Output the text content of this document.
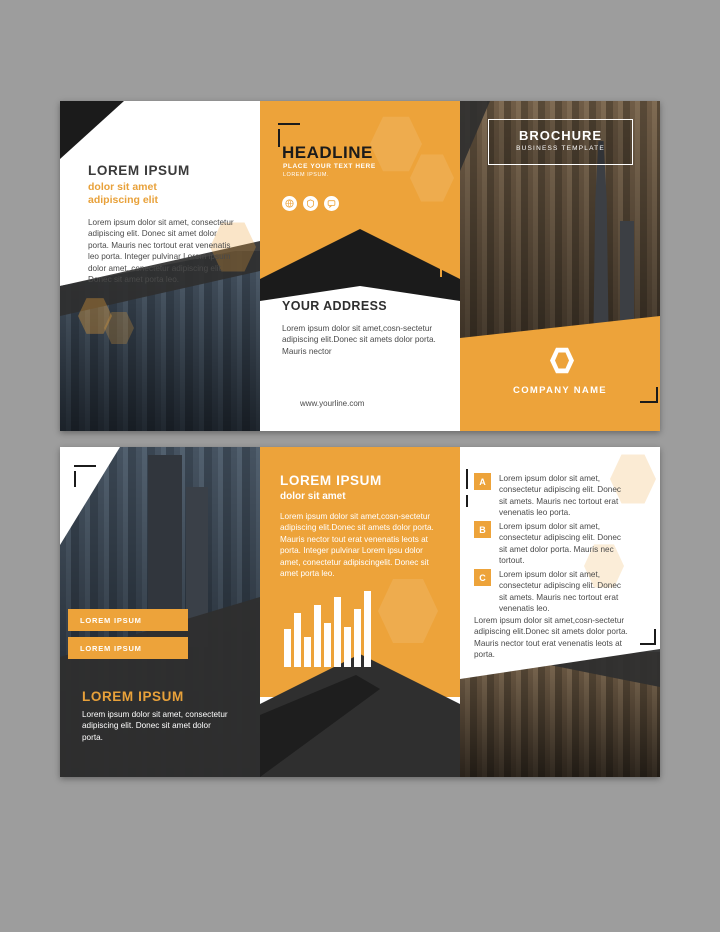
LOREM IPSUM
dolor sit amet
adipiscing elit
Lorem ipsum dolor sit amet, consectetur adipiscing elit. Donec sit amet dolor porta. Mauris nec tortout erat venenatis leo porta. Integer pulvinar Lorem ipsum dolor amet, conectetur adipiscing elit. Donec sit amet porta leo.
HEADLINE
PLACE YOUR TEXT HERE
LOREM IPSUM.
YOUR ADDRESS
Lorem ipsum dolor sit amet,cosn-sectetur adipiscing elit.Donec sit amets dolor porta. Mauris nector
www.yourline.com
BROCHURE
BUSINESS TEMPLATE
COMPANY NAME
LOREM IPSUM
LOREM IPSUM
LOREM IPSUM
Lorem ipsum dolor sit amet, consectetur adipiscing elit. Donec sit amet dolor porta.
LOREM IPSUM
dolor sit amet
Lorem ipsum dolor sit amet,cosn-sectetur adipiscing elit.Donec sit amets dolor porta. Mauris nector tout erat venenatis leots at porta. Integer pulvinar Lorem ipsu dolor amet, conectetur adipiscingelit. Donec sit amet porta leo.
A	Lorem ipsum dolor sit amet, consectetur adipiscing elit. Donec sit amets. Mauris nec tortout erat venenatis leo porta.
B	Lorem ipsum dolor sit amet, consectetur adipiscing elit. Donec sit amet dolor porta. Mauris nec tortout.
C	Lorem ipsum dolor sit amet, consectetur adipiscing elit. Donec sit amets. Mauris nec tortout erat venenatis leo.
Lorem ipsum dolor sit amet,cosn-sectetur adipiscing elit.Donec sit amets dolor porta. Mauris nector tout erat venenatis leots at porta.
